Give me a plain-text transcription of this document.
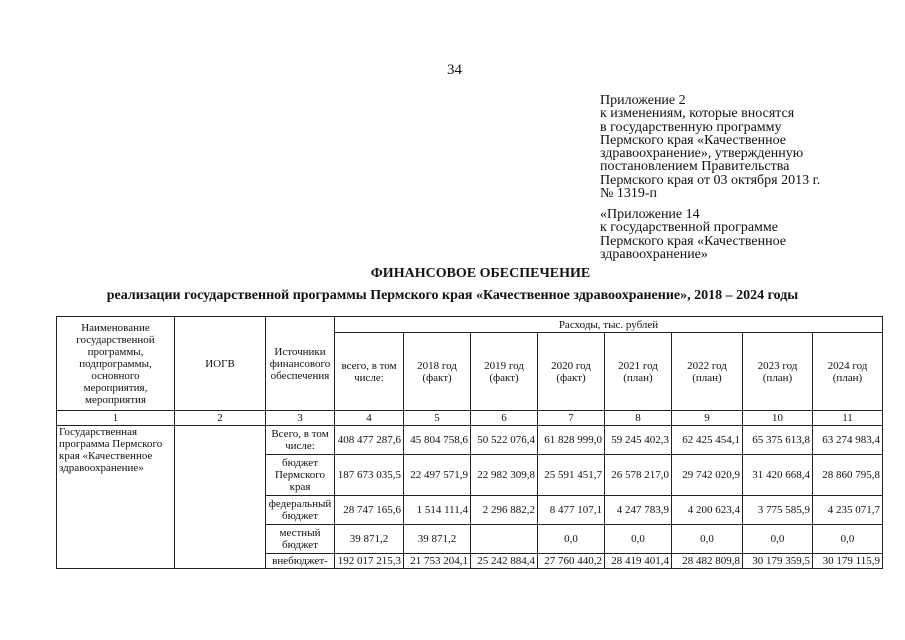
34
Приложение 2
к изменениям, которые вносятся
в государственную программу
Пермского края «Качественное
здравоохранение», утвержденную
постановлением Правительства
Пермского края от 03 октября 2013 г.
№ 1319-п
«Приложение 14
к государственной программе
Пермского края «Качественное
здравоохранение»
ФИНАНСОВОЕ ОБЕСПЕЧЕНИЕ
реализации государственной программы Пермского края «Качественное здравоохранение», 2018 – 2024 годы
Наименование государственной программы, подпрограммы, основного мероприятия, мероприятия	ИОГВ	Источники финансового обеспечения	Расходы, тыс. рублей							
			всего, в том числе:	2018 год (факт)	2019 год (факт)	2020 год (факт)	2021 год (план)	2022 год (план)	2023 год (план)	2024 год (план)
1	2	3	4	5	6	7	8	9	10	11
Государственная программа Пермского края «Качественное здравоохранение»		Всего, в том числе:	408 477 287,6	45 804 758,6	50 522 076,4	61 828 999,0	59 245 402,3	62 425 454,1	65 375 613,8	63 274 983,4
		бюджет Пермского края	187 673 035,5	22 497 571,9	22 982 309,8	25 591 451,7	26 578 217,0	29 742 020,9	31 420 668,4	28 860 795,8
		федеральный бюджет	28 747 165,6	1 514 111,4	2 296 882,2	8 477 107,1	4 247 783,9	4 200 623,4	3 775 585,9	4 235 071,7
		местный бюджет	39 871,2	39 871,2		0,0	0,0	0,0	0,0	0,0
		внебюджет-	192 017 215,3	21 753 204,1	25 242 884,4	27 760 440,2	28 419 401,4	28 482 809,8	30 179 359,5	30 179 115,9
